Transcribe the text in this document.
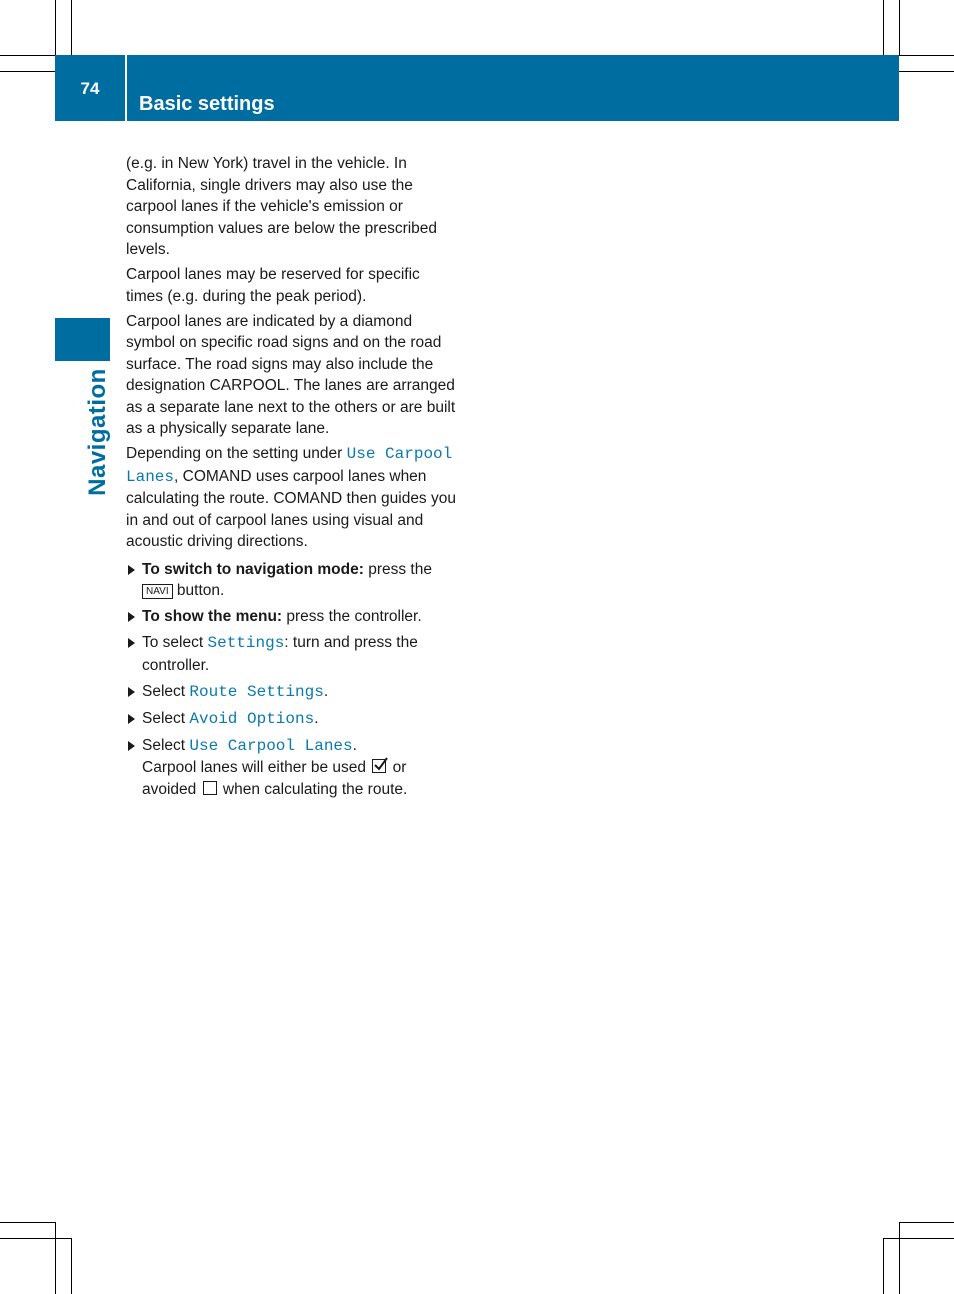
74
Basic settings
Navigation

(e.g. in New York) travel in the vehicle. In California, single drivers may also use the carpool lanes if the vehicle's emission or consumption values are below the prescribed levels.

Carpool lanes may be reserved for specific times (e.g. during the peak period).

Carpool lanes are indicated by a diamond symbol on specific road signs and on the road surface. The road signs may also include the designation CARPOOL. The lanes are arranged as a separate lane next to the others or are built as a physically separate lane.

Depending on the setting under Use Carpool Lanes, COMAND uses carpool lanes when calculating the route. COMAND then guides you in and out of carpool lanes using visual and acoustic driving directions.

To switch to navigation mode: press the
NAVI button.
To show the menu: press the controller.
To select Settings: turn and press the controller.
Select Route Settings.
Select Avoid Options.
Select Use Carpool Lanes.
Carpool lanes will either be used
or avoided  when calculating the route.
